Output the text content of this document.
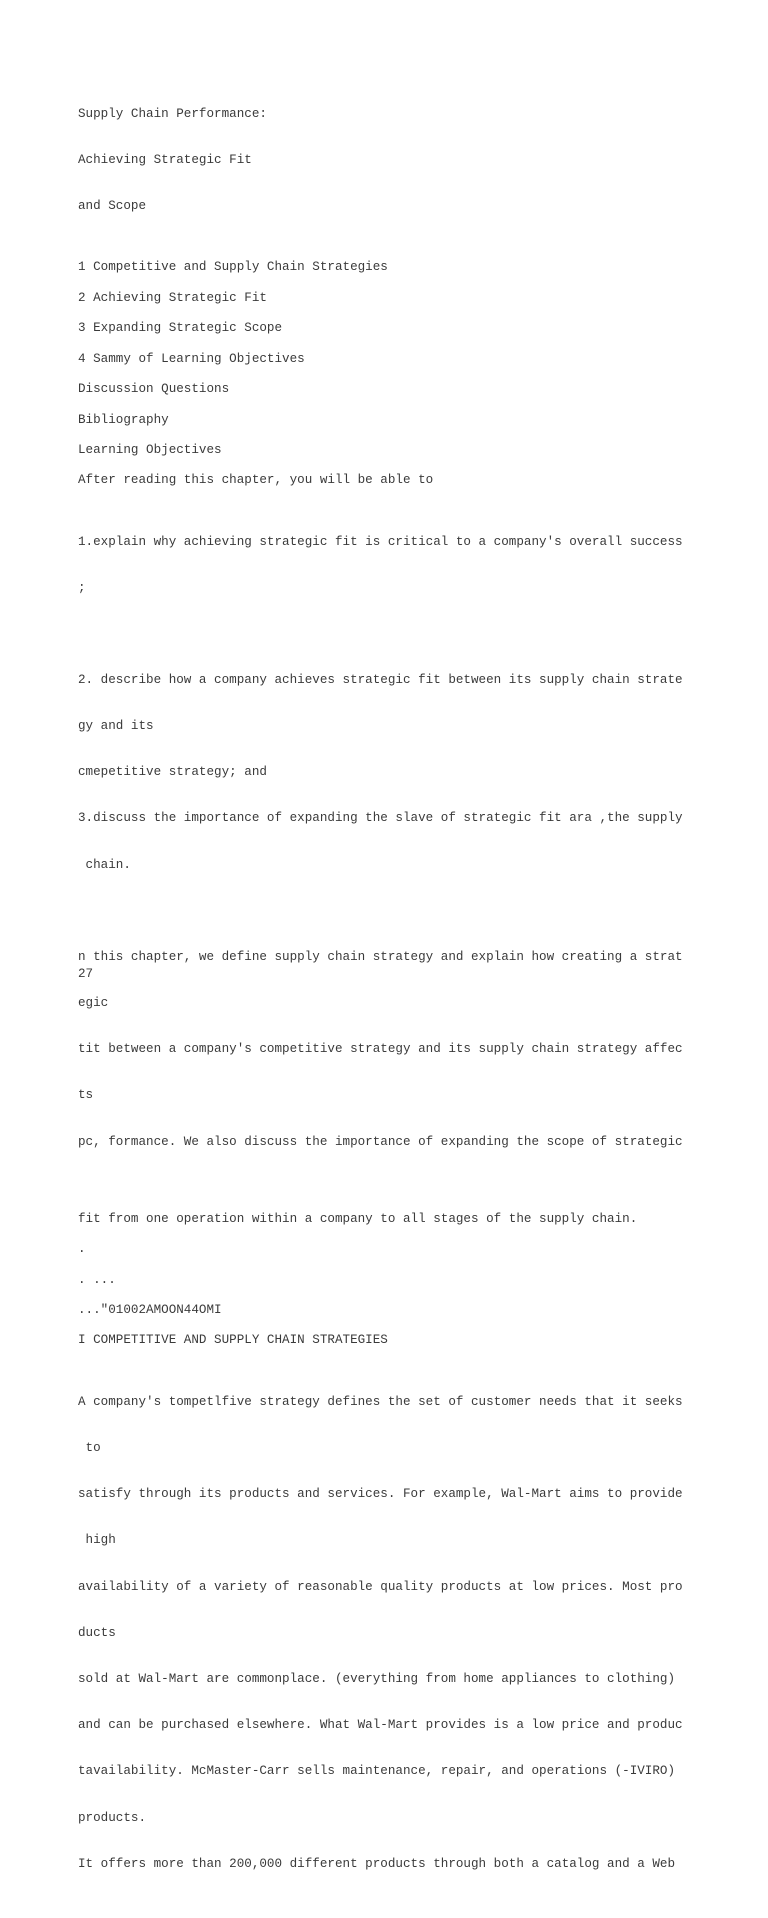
Supply Chain Performance:

Achieving Strategic Fit

and Scope

1 Competitive and Supply Chain Strategies
2 Achieving Strategic Fit
3 Expanding Strategic Scope
4 Sammy of Learning Objectives
Discussion Questions
Bibliography
Learning Objectives
After reading this chapter, you will be able to

1.explain why achieving strategic fit is critical to a company's overall success

;

2. describe how a company achieves strategic fit between its supply chain strate

gy and its

cmepetitive strategy; and

3.discuss the importance of expanding the slave of strategic fit ara ,the supply

chain.

n this chapter, we define supply chain strategy and explain how creating a strat

egic

tit between a company's competitive strategy and its supply chain strategy affec

ts

pc, formance. We also discuss the importance of expanding the scope of strategic

fit from one operation within a company to all stages of the supply chain.
.
. ...
..."01002AMOON44OMI
I COMPETITIVE AND SUPPLY CHAIN STRATEGIES

A company's tompetlfive strategy defines the set of customer needs that it seeks

to

satisfy through its products and services. For example, Wal-Mart aims to provide

high

availability of a variety of reasonable quality products at low prices. Most pro

ducts

sold at Wal-Mart are commonplace. (everything from home appliances to clothing)

and can be purchased elsewhere. What Wal-Mart provides is a low price and produc

tavailability. McMaster-Carr sells maintenance, repair, and operations (-IVIRO)

products.

It offers more than 200,000 different products through both a catalog and a Web

27
